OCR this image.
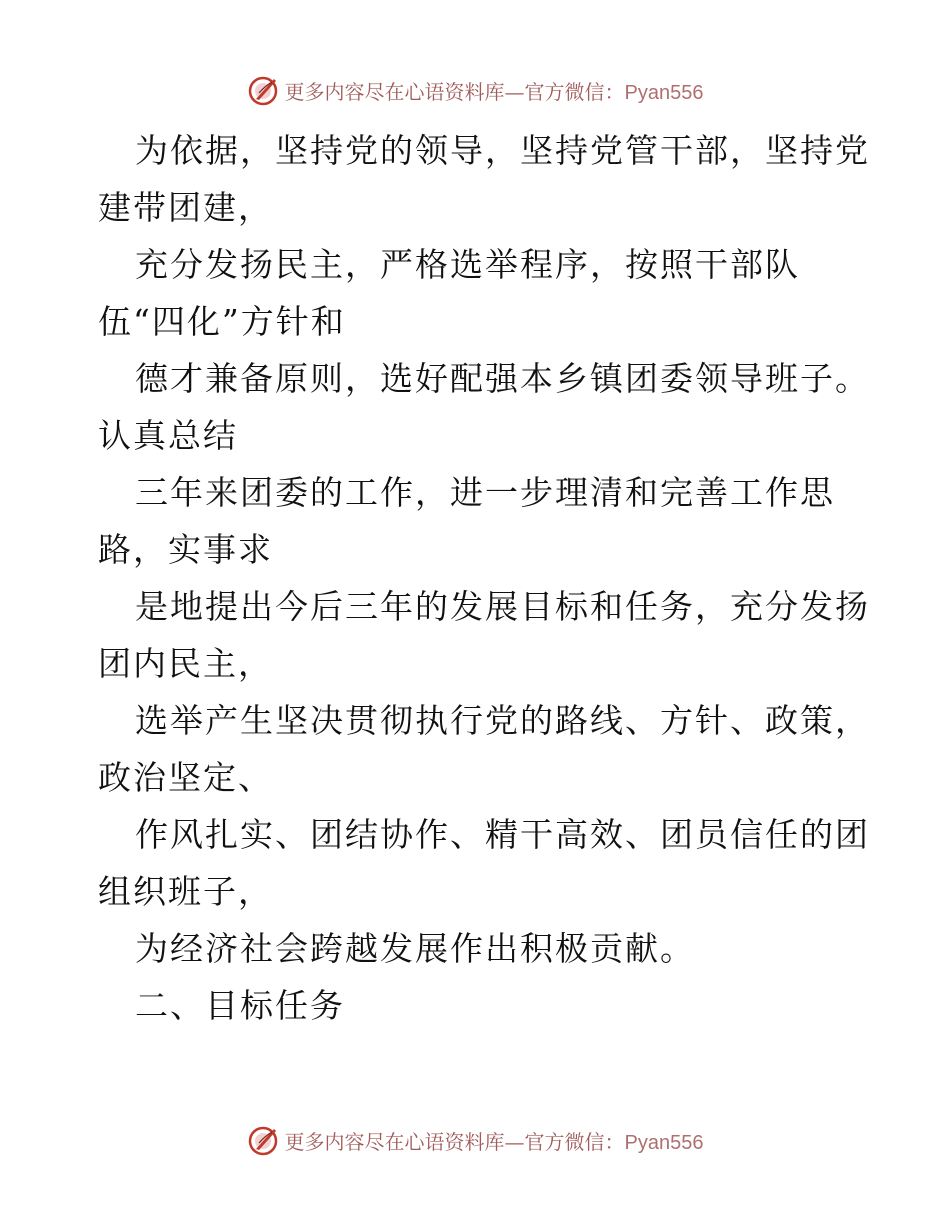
更多内容尽在心语资料库—官方微信：Pyan556
为依据，坚持党的领导，坚持党管干部，坚持党
建带团建，
充分发扬民主，严格选举程序，按照干部队
伍“四化”方针和
德才兼备原则，选好配强本乡镇团委领导班子。
认真总结
三年来团委的工作，进一步理清和完善工作思
路，实事求
是地提出今后三年的发展目标和任务，充分发扬
团内民主，
选举产生坚决贯彻执行党的路线、方针、政策，
政治坚定、
作风扎实、团结协作、精干高效、团员信任的团
组织班子，
为经济社会跨越发展作出积极贡献。
二、目标任务
更多内容尽在心语资料库—官方微信：Pyan556
